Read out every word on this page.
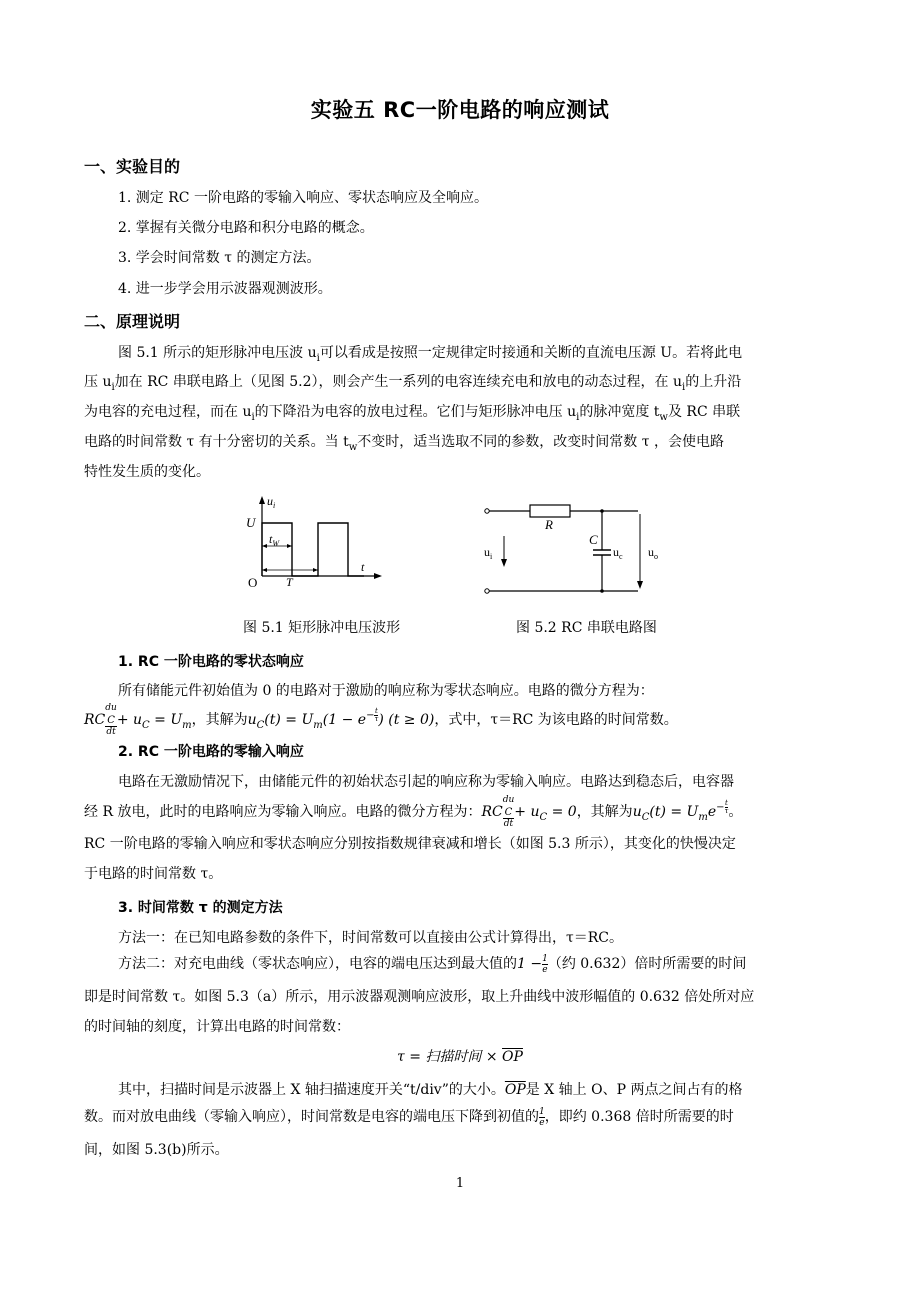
实验五 RC一阶电路的响应测试
一、实验目的
1. 测定 RC 一阶电路的零输入响应、零状态响应及全响应。
2. 掌握有关微分电路和积分电路的概念。
3. 学会时间常数 τ 的测定方法。
4. 进一步学会用示波器观测波形。
二、原理说明
图 5.1 所示的矩形脉冲电压波 $u_i$可以看成是按照一定规律定时接通和关断的直流电压源 U。若将此电
压 $u_i$加在 RC 串联电路上（见图 5.2），则会产生一系列的电容连续充电和放电的动态过程，在 $u_i$的上升沿
为电容的充电过程，而在 $u_i$的下降沿为电容的放电过程。它们与矩形脉冲电压 $u_i$的脉冲宽度 $t_w$及 RC 串联
电路的时间常数 τ 有十分密切的关系。当 $t_w$不变时，适当选取不同的参数，改变时间常数 τ ，会使电路
特性发生质的变化。
$u_i$
U
$t_W$
t
O T
R
C
$u_i$	$u_c$ $u_o$
图 5.1 矩形脉冲电压波形	图 5.2 RC 串联电路图
1. RC 一阶电路的零状态响应
所有储能元件初始值为 0 的电路对于激励的响应称为零状态响应。电路的微分方程为：
RC du
$_C$
dt + $u_C = U_m$，其解为$u_C(t) = U_m(1 - e^{- \frac{t}{\tau}}$ ) (t ≥ 0)，式中，τ＝RC 为该电路的时间常数。
2. RC 一阶电路的零输入响应
电路在无激励情况下，由储能元件的初始状态引起的响应称为零输入响应。电路达到稳态后，电容器
经 R 放电，此时的电路响应为零输入响应。电路的微分方程为：RC du
$_C$
dt + $u_C = 0$，其解为$u_C(t) = U_me^{- \frac{t}{\tau}}$ 。
RC 一阶电路的零输入响应和零状态响应分别按指数规律衰减和增长（如图 5.3 所示），其变化的快慢决定
于电路的时间常数 τ。
3. 时间常数 τ 的测定方法
方法一：在已知电路参数的条件下，时间常数可以直接由公式计算得出，τ＝RC。
方法二：对充电曲线（零状态响应），电容的端电压达到最大值的$1 - \frac{1}{e}$ （约 0.632）倍时所需要的时间
即是时间常数 τ。如图 5.3（a）所示，用示波器观测响应波形，取上升曲线中波形幅值的 0.632 倍处所对应
的时间轴的刻度，计算出电路的时间常数：
τ = 扫描时间 × $\overline{OP}$
其中，扫描时间是示波器上 X 轴扫描速度开关“t/div”的大小。$\overline{OP}$是 X 轴上 O、P 两点之间占有的格
数。而对放电曲线（零输入响应），时间常数是电容的端电压下降到初值的 $\frac{1}{e}$ ，即约 0.368 倍时所需要的时
间，如图 5.3(b)所示。
1
